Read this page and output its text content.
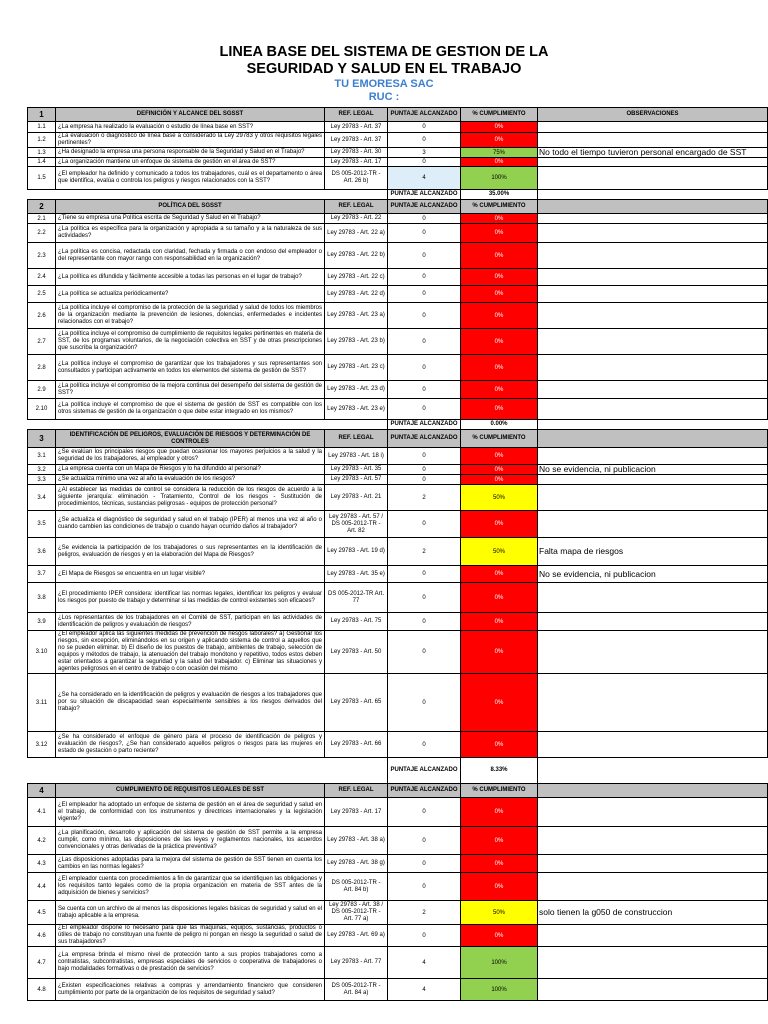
LINEA BASE DEL SISTEMA DE GESTION DE LA
SEGURIDAD Y SALUD EN EL TRABAJO
TU EMORESA SAC
RUC :
1	DEFINICIÓN Y ALCANCE DEL SGSST	REF. LEGAL	PUNTAJE ALCANZADO	% CUMPLIMIENTO	OBSERVACIONES
1.1	¿La empresa ha realizado la evaluación o estudio de línea base en SST?	Ley 29783 - Art. 37	0	0%	
1.2	¿La evaluación o diagnóstico de línea base a considerado la Ley 29783 y otros requisitos legales pertinentes?	Ley 29783 - Art. 37	0	0%	
1.3	¿Ha designado la empresa una persona responsable de la Seguridad y Salud en el Trabajo?	Ley 29783 - Art. 30	3	75%	No todo el tiempo tuvieron personal encargado de SST
1.4	¿La organización mantiene un enfoque de sistema de gestión en el área de SST?	Ley 29783 - Art. 17	0	0%	
1.5	¿El empleador ha definido y comunicado a todos los trabajadores, cuál es el departamento o área que identifica, evalúa o controla los peligros y riesgos relacionados con la SST?	DS 005-2012-TR - Art. 26 b)	4	100%	
			PUNTAJE ALCANZADO	35.00%	
2	POLÍTICA DEL SGSST	REF. LEGAL	PUNTAJE ALCANZADO	% CUMPLIMIENTO	
2.1	¿Tiene su empresa una Política escrita de Seguridad y Salud en el Trabajo?	Ley 29783 - Art. 22	0	0%	
2.2	¿La política es específica para la organización y apropiada a su tamaño y a la naturaleza de sus actividades?	Ley 29783 - Art. 22 a)	0	0%	
2.3	¿La política es concisa, redactada con claridad, fechada y firmada o con endoso del empleador o del representante con mayor rango con responsabilidad en la organización?	Ley 29783 - Art. 22 b)	0	0%	
2.4	¿La política es difundida y fácilmente accesible a todas las personas en el lugar de trabajo?	Ley 29783 - Art. 22 c)	0	0%	
2.5	¿La política se actualiza periódicamente?	Ley 29783 - Art. 22 d)	0	0%	
2.6	¿La política incluye el compromiso de la protección de la seguridad y salud de todos los miembros de la organización mediante la prevención de lesiones, dolencias, enfermedades e incidentes relacionados con el trabajo?	Ley 29783 - Art. 23 a)	0	0%	
2.7	¿La política incluye el compromiso de cumplimiento de requisitos legales pertinentes en materia de SST, de los programas voluntarios, de la negociación colectiva en SST y de otras prescripciones que suscriba la organización?	Ley 29783 - Art. 23 b)	0	0%	
2.8	¿La política incluye el compromiso de garantizar que los trabajadores y sus representantes son consultados y participan activamente en todos los elementos del sistema de gestión de SST?	Ley 29783 - Art. 23 c)	0	0%	
2.9	¿La política incluye el compromiso de la mejora continua del desempeño del sistema de gestión de SST?	Ley 29783 - Art. 23 d)	0	0%	
2.10	¿La política incluye el compromiso de que el sistema de gestión de SST es compatible con los otros sistemas de gestión de la organización o que debe estar integrado en los mismos?	Ley 29783 - Art. 23 e)	0	0%	
			PUNTAJE ALCANZADO	0.00%	
3	IDENTIFICACIÓN DE PELIGROS, EVALUACIÓN DE RIESGOS Y DETERMINACIÓN DE CONTROLES	REF. LEGAL	PUNTAJE ALCANZADO	% CUMPLIMIENTO	
3.1	¿Se evalúan los principales riesgos que puedan ocasionar los mayores perjuicios a la salud y la seguridad de los trabajadores, al empleador y otros?	Ley 29783 - Art. 18 i)	0	0%	
3.2	¿La empresa cuenta con un Mapa de Riesgos y lo ha difundido al personal?	Ley 29783 - Art. 35	0	0%	No se evidencia, ni publicacion
3.3	¿Se actualiza mínimo una vez al año la evaluación de los riesgos?	Ley 29783 - Art. 57	0	0%	
3.4	¿Al establecer las medidas de control se considera la reducción de los riesgos de acuerdo a la siguiente jerarquía: eliminación - Tratamiento, Control de los riesgos - Sustitución de procedimientos, técnicas, sustancias peligrosas - equipos de protección personal?	Ley 29783 - Art. 21	2	50%	
3.5	¿Se actualiza el diagnóstico de seguridad y salud en el trabajo (IPER) al menos una vez al año o cuando cambien las condiciones de trabajo o cuando hayan ocurrido daños al trabajador?	Ley 29783 - Art. 57 / DS 005-2012-TR - Art. 82	0	0%	
3.6	¿Se evidencia la participación de los trabajadores o sus representantes en la identificación de peligros, evaluación de riesgos y en la elaboración del Mapa de Riesgos?	Ley 29783 - Art. 19 d)	2	50%	Falta mapa de riesgos
3.7	¿El Mapa de Riesgos se encuentra en un lugar visible?	Ley 29783 - Art. 35 e)	0	0%	No se evidencia, ni publicacion
3.8	¿El procedimiento IPER considera: identificar las normas legales, identificar los peligros y evaluar los riesgos por puesto de trabajo y determinar si las medidas de control existentes son eficaces?	DS 005-2012-TR Art. 77	0	0%	
3.9	¿Los representantes de los trabajadores en el Comité de SST, participan en las actividades de identificación de peligros y evaluación de riesgos?	Ley 29783 - Art. 75	0	0%	
3.10	¿El empleador aplica las siguientes medidas de prevención de riesgos laborales? a) Gestionar los riesgos, sin excepción, eliminándolos en su origen y aplicando sistema de control a aquellos que no se pueden eliminar. b) El diseño de los puestos de trabajo, ambientes de trabajo, selección de equipos y métodos de trabajo, la atenuación del trabajo monótono y repetitivo, todos estos deben estar orientados a garantizar la seguridad y la salud del trabajador. c) Eliminar las situaciones y agentes peligrosos en el centro de trabajo o con ocasión del mismo	Ley 29783 - Art. 50	0	0%	
3.11	¿Se ha considerado en la identificación de peligros y evaluación de riesgos a los trabajadores que por su situación de discapacidad sean especialmente sensibles a los riesgos derivados del trabajo?	Ley 29783 - Art. 65	0	0%	
3.12	¿Se ha considerado el enfoque de género para el proceso de identificación de peligros y evaluación de riesgos?, ¿Se han considerado aquellos peligros o riesgos para las mujeres en estado de gestación o parto reciente?	Ley 29783 - Art. 66	0	0%	
			PUNTAJE ALCANZADO	8.33%	
4	CUMPLIMIENTO DE REQUISITOS LEGALES DE SST	REF. LEGAL	PUNTAJE ALCANZADO	% CUMPLIMIENTO	
4.1	¿El empleador ha adoptado un enfoque de sistema de gestión en el área de seguridad y salud en el trabajo, de conformidad con los instrumentos y directrices internacionales y la legislación vigente?	Ley 29783 - Art. 17	0	0%	
4.2	¿La planificación, desarrollo y aplicación del sistema de gestión de SST permite a la empresa cumplir, como mínimo, las disposiciones de las leyes y reglamentos nacionales, los acuerdos convencionales y otras derivadas de la práctica preventiva?	Ley 29783 - Art. 38 a)	0	0%	
4.3	¿Las disposiciones adoptadas para la mejora del sistema de gestión de SST tienen en cuenta los cambios en las normas legales?	Ley 29783 - Art. 38 g)	0	0%	
4.4	¿El empleador cuenta con procedimientos a fin de garantizar que se identifiquen las obligaciones y los requisitos tanto legales como de la propia organización en materia de SST antes de la adquisición de bienes y servicios?	DS 005-2012-TR - Art. 84 b)	0	0%	
4.5	Se cuenta con un archivo de al menos las disposiciones legales básicas de seguridad y salud en el trabajo aplicable a la empresa.	Ley 29783 - Art. 38 / DS 005-2012-TR - Art. 77 a)	2	50%	solo tienen la g050 de construccion
4.6	¿El empleador dispone lo necesario para que las máquinas, equipos, sustancias, productos o útiles de trabajo no constituyan una fuente de peligro ni pongan en riesgo la seguridad o salud de sus trabajadores?	Ley 29783 - Art. 69 a)	0	0%	
4.7	¿La empresa brinda el mismo nivel de protección tanto a sus propios trabajadores como a contratistas, subcontratistas, empresas especiales de servicios o cooperativa de trabajadores o bajo modalidades formativas o de prestación de servicios?	Ley 29783 - Art. 77	4	100%	
4.8	¿Existen especificaciones relativas a compras y arrendamiento financiero que consideren cumplimiento por parte de la organización de los requisitos de seguridad y salud?	DS 005-2012-TR - Art. 84 a)	4	100%	
